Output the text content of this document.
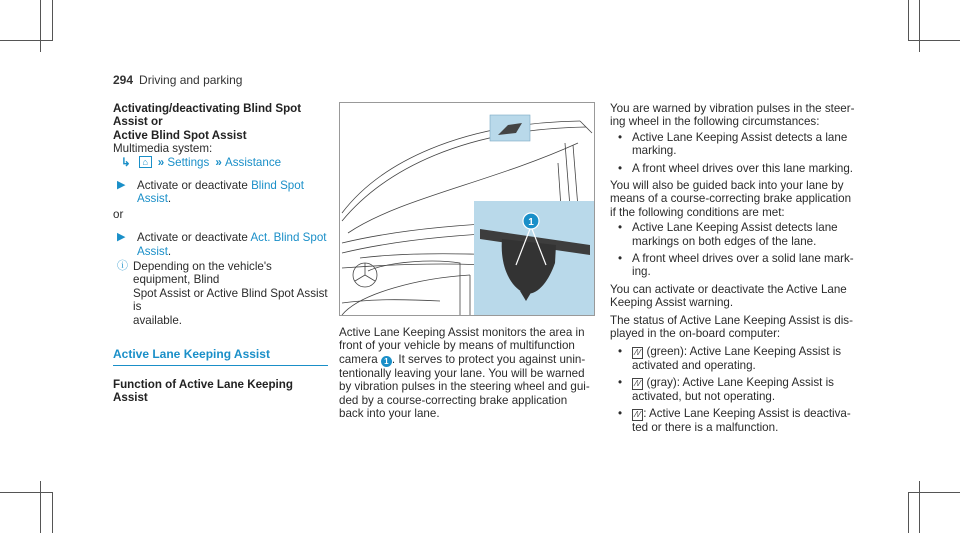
294 Driving and parking
Activating/deactivating Blind Spot Assist or
Active Blind Spot Assist
Multimedia system:
↳	⌂ »
Settings »
Assistance
▶ Activate or deactivate Blind Spot Assist.
or
▶ Activate or deactivate Act. Blind Spot Assist.
ⓘ Depending on the vehicle's equipment, Blind
Spot Assist or Active Blind Spot Assist is
available.
Active Lane Keeping Assist
Function of Active Lane Keeping Assist
1
Active Lane Keeping Assist monitors the area in
front of your vehicle by means of multifunction
camera 1 . It serves to protect you against unin-
tentionally leaving your lane. You will be warned
by vibration pulses in the steering wheel and gui-
ded by a course-correcting brake application
back into your lane.
You are warned by vibration pulses in the steer-
ing wheel in the following circumstances:
• Active Lane Keeping Assist detects a lane
marking.
• A front wheel drives over this lane marking.
You will also be guided back into your lane by
means of a course-correcting brake application
if the following conditions are met:
• Active Lane Keeping Assist detects lane
markings on both edges of the lane.
• A front wheel drives over a solid lane mark-
ing.
You can activate or deactivate the Active Lane
Keeping Assist warning.
The status of Active Lane Keeping Assist is dis-
played in the on-board computer:
•	⁄⁝⁄ (green): Active Lane Keeping Assist is
activated and operating.
•	⁄⁝⁄ (gray): Active Lane Keeping Assist is
activated, but not operating.
•	⁄⁝⁄ : Active Lane Keeping Assist is deactiva-
ted or there is a malfunction.
